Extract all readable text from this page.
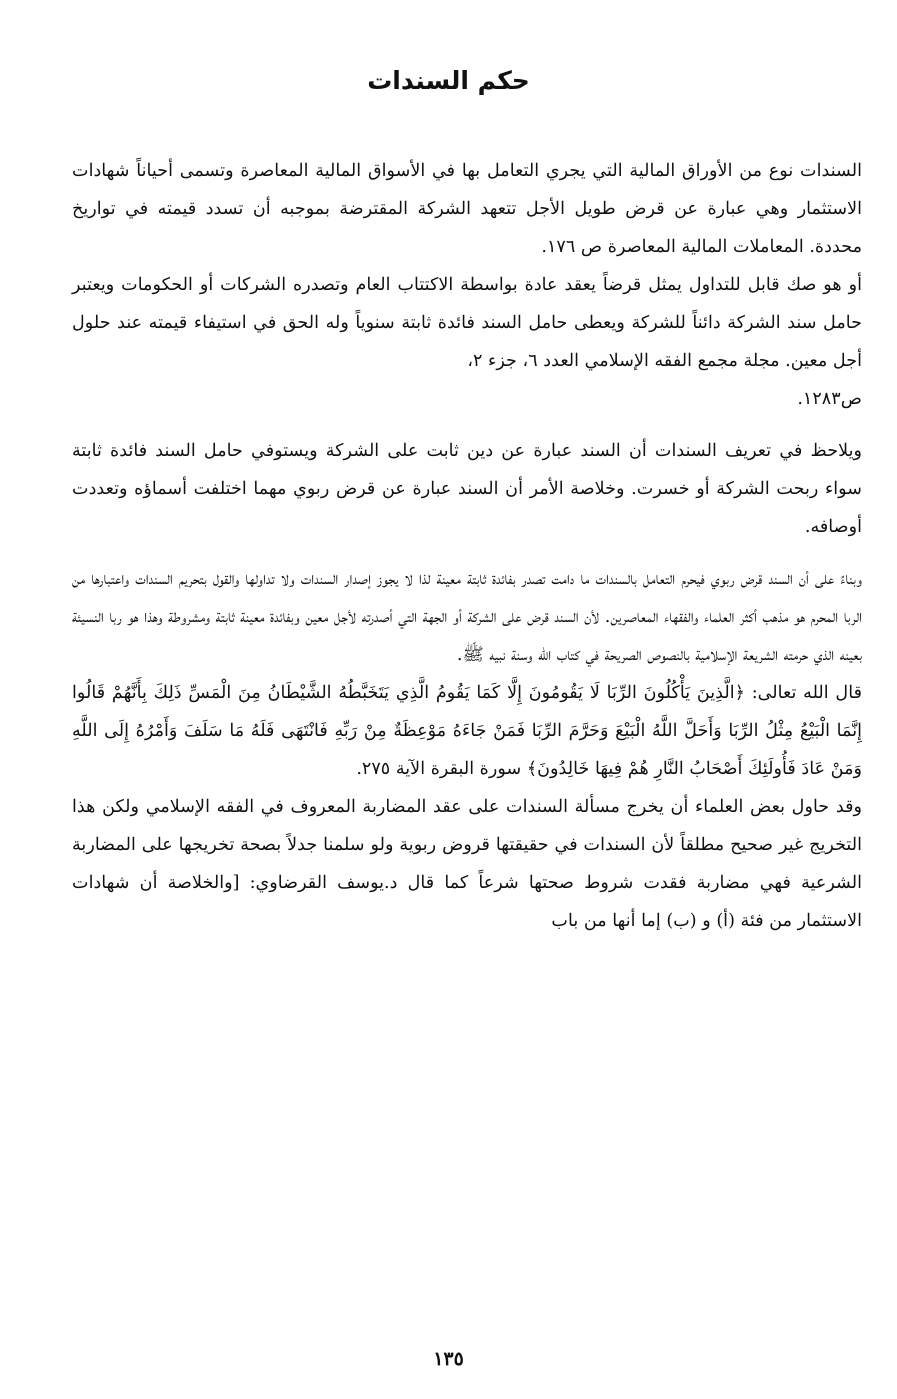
حكم السندات

السندات نوع من الأوراق المالية التي يجري التعامل بها في الأسواق المالية المعاصرة وتسمى أحياناً شهادات الاستثمار وهي عبارة عن قرض طويل الأجل تتعهد الشركة المقترضة بموجبه أن تسدد قيمته في تواريخ محددة. المعاملات المالية المعاصرة ص ١٧٦.

أو هو صك قابل للتداول يمثل قرضاً يعقد عادة بواسطة الاكتتاب العام وتصدره الشركات أو الحكومات ويعتبر حامل سند الشركة دائناً للشركة ويعطى حامل السند فائدة ثابتة سنوياً وله الحق في استيفاء قيمته عند حلول أجل معين. مجلة مجمع الفقه الإسلامي العدد ٦، جزء ٢،

ص١٢٨٣.

ويلاحظ في تعريف السندات أن السند عبارة عن دين ثابت على الشركة ويستوفي حامل السند فائدة ثابتة سواء ربحت الشركة أو خسرت. وخلاصة الأمر أن السند عبارة عن قرض ربوي مهما اختلفت أسماؤه وتعددت أوصافه.

وبناءً على أن السند قرض ربوي فيحرم التعامل بالسندات ما دامت تصدر بفائدة ثابتة معينة لذا لا يجوز إصدار السندات ولا تداولها والقول بتحريم السندات واعتبارها من الربا المحرم هو مذهب أكثر العلماء والفقهاء المعاصرين. لأن السند قرض على الشركة أو الجهة التي أصدرته لأجل معين وبفائدة معينة ثابتة ومشروطة وهذا هو ربا النسيئة بعينه الذي حرمته الشريعة الإسلامية بالنصوص الصريحة في كتاب الله وسنة نبيه ﷺ.

قال الله تعالى: ﴿الَّذِينَ يَأْكُلُونَ الرِّبَا لَا يَقُومُونَ إِلَّا كَمَا يَقُومُ الَّذِي يَتَخَبَّطُهُ الشَّيْطَانُ مِنَ الْمَسِّ ذَلِكَ بِأَنَّهُمْ قَالُوا إِنَّمَا الْبَيْعُ مِثْلُ الرِّبَا وَأَحَلَّ اللَّهُ الْبَيْعَ وَحَرَّمَ الرِّبَا فَمَنْ جَاءَهُ مَوْعِظَةٌ مِنْ رَبِّهِ فَانْتَهَى فَلَهُ مَا سَلَفَ وَأَمْرُهُ إِلَى اللَّهِ وَمَنْ عَادَ فَأُولَئِكَ أَصْحَابُ النَّارِ هُمْ فِيهَا خَالِدُونَ﴾ سورة البقرة الآية ٢٧٥.

وقد حاول بعض العلماء أن يخرج مسألة السندات على عقد المضاربة المعروف في الفقه الإسلامي ولكن هذا التخريج غير صحيح مطلقاً لأن السندات في حقيقتها قروض ربوية ولو سلمنا جدلاً بصحة تخريجها على المضاربة الشرعية فهي مضاربة فقدت شروط صحتها شرعاً كما قال د.يوسف القرضاوي: [والخلاصة أن شهادات الاستثمار من فئة (أ) و (ب) إما أنها من باب

١٣٥
